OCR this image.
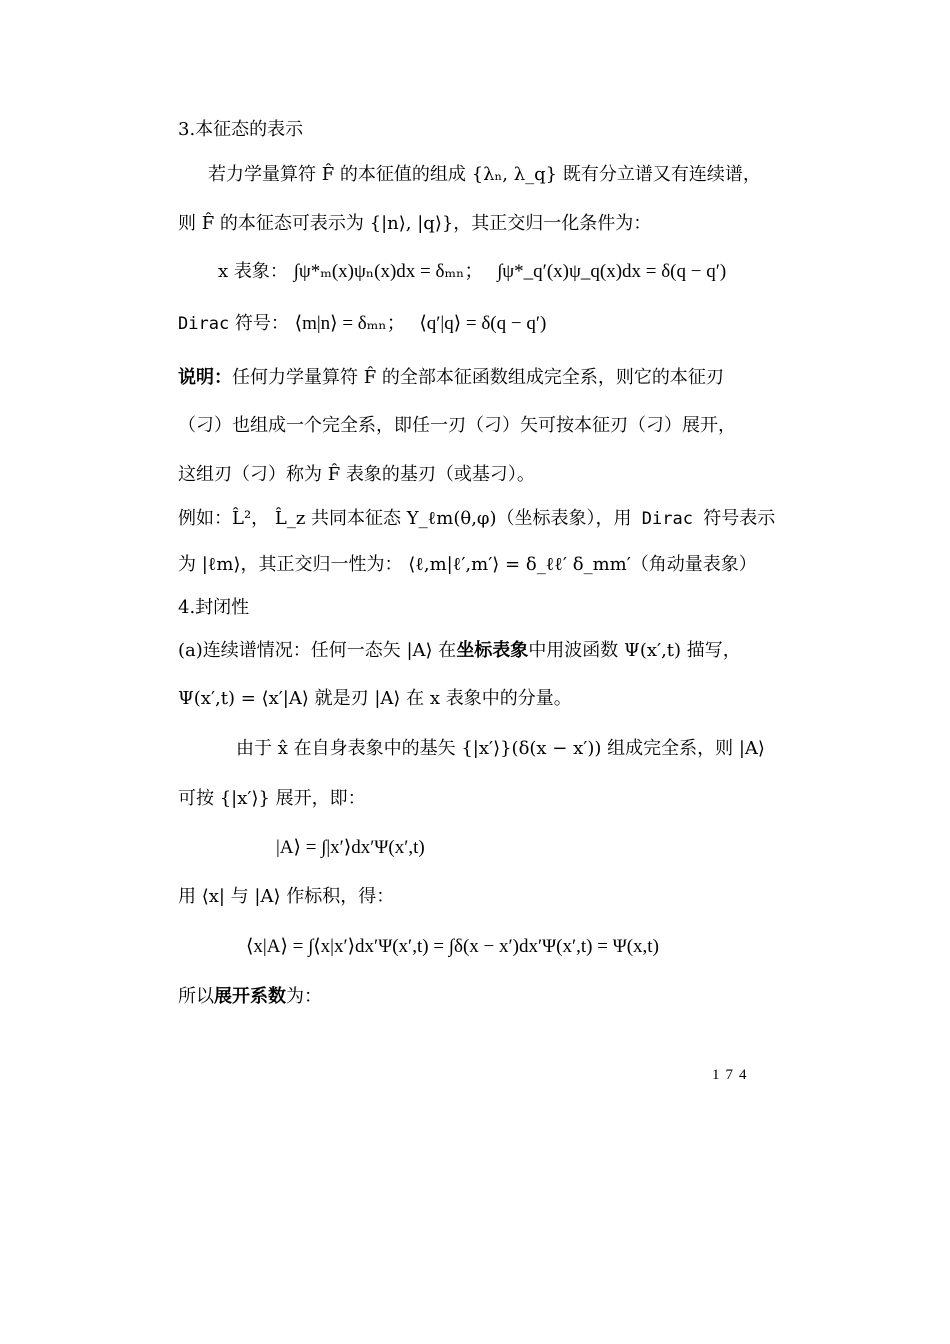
3.本征态的表示
若力学量算符 F̂ 的本征值的组成 {λₙ, λ_q} 既有分立谱又有连续谱，
则 F̂ 的本征态可表示为 {|n⟩, |q⟩}，其正交归一化条件为：
x 表象： ∫ψ*ₘ(x)ψₙ(x)dx = δₘₙ； ∫ψ*_q′(x)ψ_q(x)dx = δ(q − q′)
Dirac 符号： ⟨m|n⟩ = δₘₙ； ⟨q′|q⟩ = δ(q − q′)
说明：任何力学量算符 F̂ 的全部本征函数组成完全系，则它的本征刃
（刁）也组成一个完全系，即任一刃（刁）矢可按本征刃（刁）展开，
这组刃（刁）称为 F̂ 表象的基刃（或基刁）。
例如：L̂²， L̂_z 共同本征态 Y_ℓm(θ,φ)（坐标表象），用 Dirac 符号表示
为 |ℓm⟩，其正交归一性为： ⟨ℓ,m|ℓ′,m′⟩ = δ_ℓℓ′ δ_mm′（角动量表象）
4.封闭性
(a)连续谱情况：任何一态矢 |A⟩ 在坐标表象中用波函数 Ψ(x′,t) 描写，
Ψ(x′,t) = ⟨x′|A⟩ 就是刃 |A⟩ 在 x 表象中的分量。
由于 x̂ 在自身表象中的基矢 {|x′⟩}(δ(x − x′)) 组成完全系，则 |A⟩
可按 {|x′⟩} 展开，即：
|A⟩ = ∫|x′⟩dx′Ψ(x′,t)
用 ⟨x| 与 |A⟩ 作标积，得：
⟨x|A⟩ = ∫⟨x|x′⟩dx′Ψ(x′,t) = ∫δ(x − x′)dx′Ψ(x′,t) = Ψ(x,t)
所以展开系数为：
174
